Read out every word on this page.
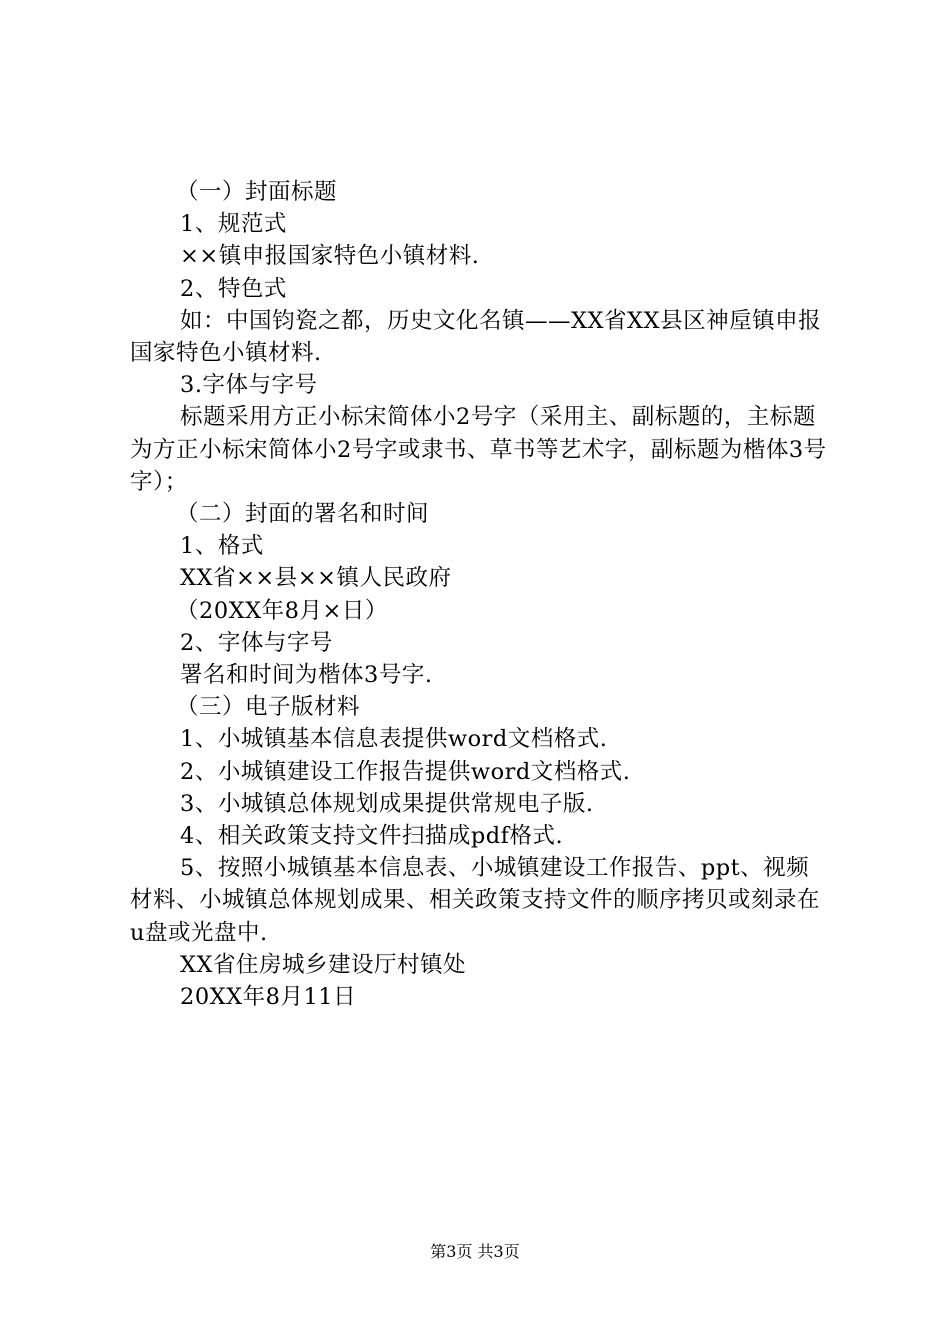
（一）封面标题

1、规范式

××镇申报国家特色小镇材料.

2、特色式

如：中国钧瓷之都，历史文化名镇——XX省XX县区神垕镇申报国家特色小镇材料.

3.字体与字号

标题采用方正小标宋简体小2号字（采用主、副标题的，主标题为方正小标宋简体小2号字或隶书、草书等艺术字，副标题为楷体3号字）；

（二）封面的署名和时间

1、格式

XX省××县××镇人民政府

（20XX年8月×日）

2、字体与字号

署名和时间为楷体3号字.

（三）电子版材料

1、小城镇基本信息表提供word文档格式.

2、小城镇建设工作报告提供word文档格式.

3、小城镇总体规划成果提供常规电子版.

4、相关政策支持文件扫描成pdf格式.

5、按照小城镇基本信息表、小城镇建设工作报告、ppt、视频材料、小城镇总体规划成果、相关政策支持文件的顺序拷贝或刻录在u盘或光盘中.

XX省住房城乡建设厅村镇处

20XX年8月11日

第3页 共3页
